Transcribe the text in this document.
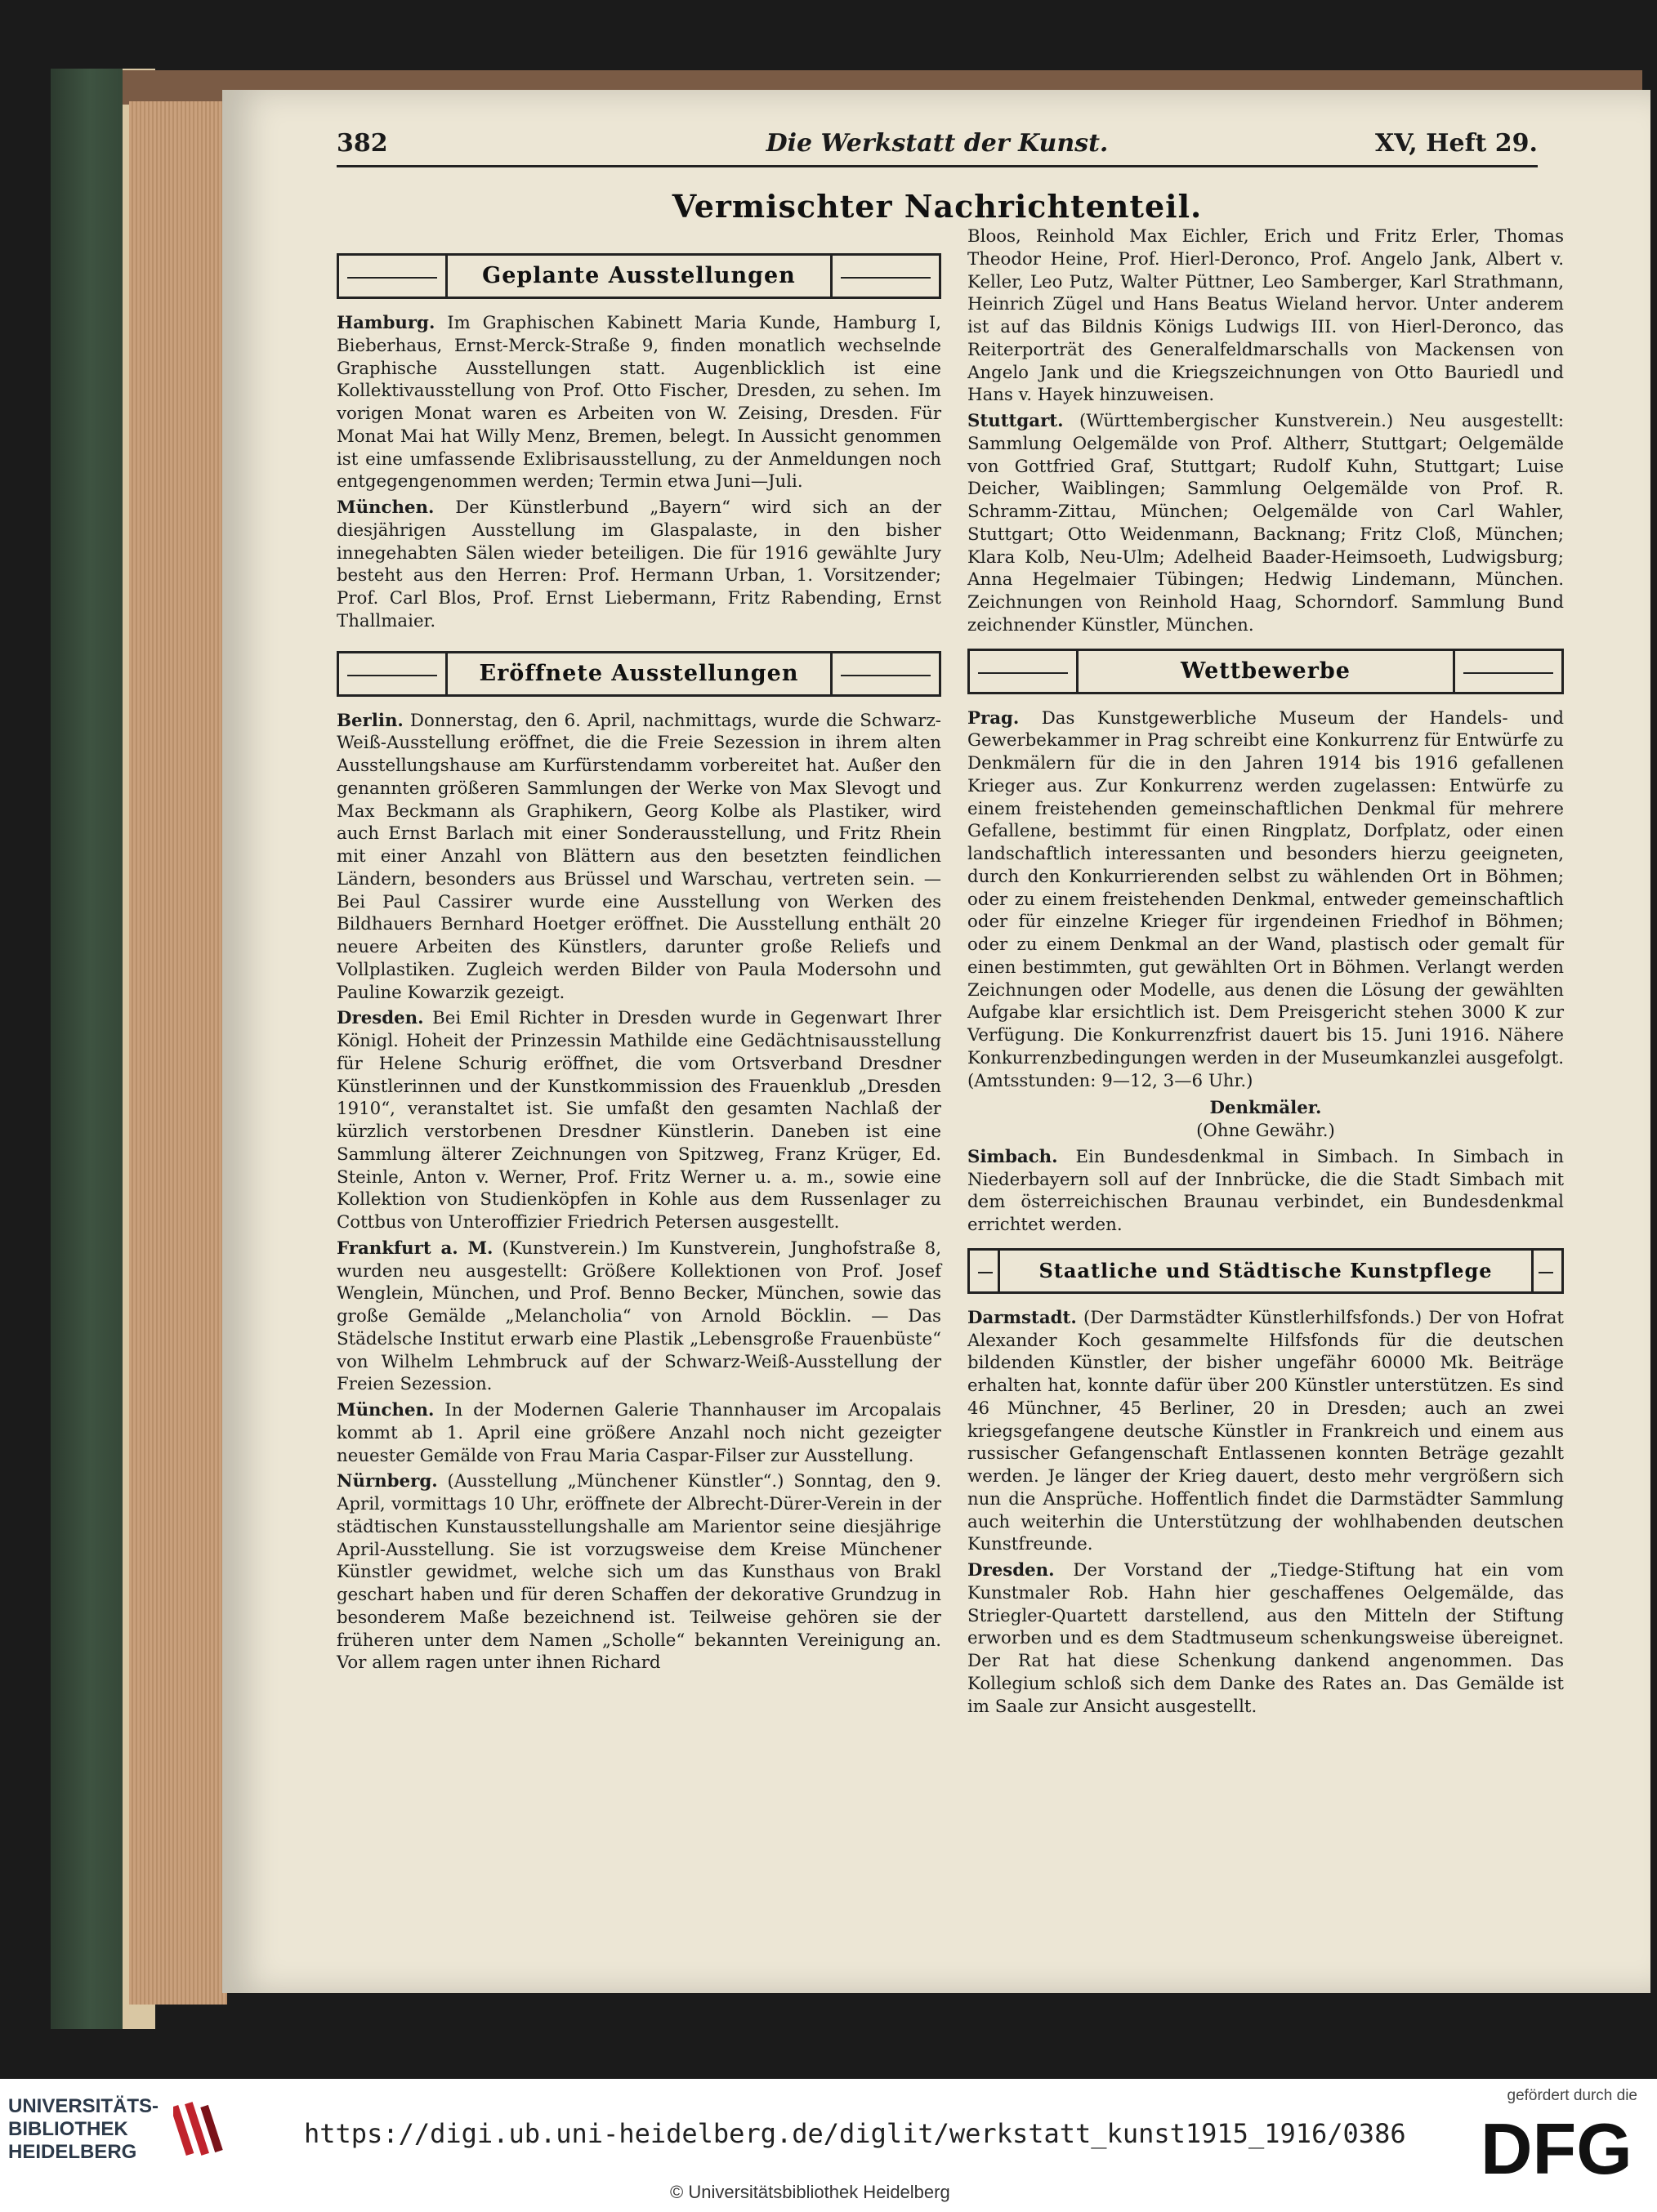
382	Die Werkstatt der Kunst.	XV, Heft 29.
Vermischter Nachrichtenteil.
Geplante Ausstellungen

Hamburg. Im Graphischen Kabinett Maria Kunde, Hamburg I, Bieberhaus, Ernst-Merck-Straße 9, finden monatlich wechselnde Graphische Ausstellungen statt. Augenblicklich ist eine Kollektivausstellung von Prof. Otto Fischer, Dresden, zu sehen. Im vorigen Monat waren es Arbeiten von W. Zeising, Dresden. Für Monat Mai hat Willy Menz, Bremen, belegt. In Aussicht genommen ist eine umfassende Exlibrisausstellung, zu der Anmeldungen noch entgegengenommen werden; Termin etwa Juni—Juli.

München. Der Künstlerbund „Bayern“ wird sich an der diesjährigen Ausstellung im Glaspalaste, in den bisher innegehabten Sälen wieder beteiligen. Die für 1916 gewählte Jury besteht aus den Herren: Prof. Hermann Urban, 1. Vorsitzender; Prof. Carl Blos, Prof. Ernst Liebermann, Fritz Rabending, Ernst Thallmaier.

Eröffnete Ausstellungen

Berlin. Donnerstag, den 6. April, nachmittags, wurde die Schwarz-Weiß-Ausstellung eröffnet, die die Freie Sezession in ihrem alten Ausstellungshause am Kurfürstendamm vorbereitet hat. Außer den genannten größeren Sammlungen der Werke von Max Slevogt und Max Beckmann als Graphikern, Georg Kolbe als Plastiker, wird auch Ernst Barlach mit einer Sonderausstellung, und Fritz Rhein mit einer Anzahl von Blättern aus den besetzten feindlichen Ländern, besonders aus Brüssel und Warschau, vertreten sein. — Bei Paul Cassirer wurde eine Ausstellung von Werken des Bildhauers Bernhard Hoetger eröffnet. Die Ausstellung enthält 20 neuere Arbeiten des Künstlers, darunter große Reliefs und Vollplastiken. Zugleich werden Bilder von Paula Modersohn und Pauline Kowarzik gezeigt.

Dresden. Bei Emil Richter in Dresden wurde in Gegenwart Ihrer Königl. Hoheit der Prinzessin Mathilde eine Gedächtnisausstellung für Helene Schurig eröffnet, die vom Ortsverband Dresdner Künstlerinnen und der Kunstkommission des Frauenklub „Dresden 1910“, veranstaltet ist. Sie umfaßt den gesamten Nachlaß der kürzlich verstorbenen Dresdner Künstlerin. Daneben ist eine Sammlung älterer Zeichnungen von Spitzweg, Franz Krüger, Ed. Steinle, Anton v. Werner, Prof. Fritz Werner u. a. m., sowie eine Kollektion von Studienköpfen in Kohle aus dem Russenlager zu Cottbus von Unteroffizier Friedrich Petersen ausgestellt.

Frankfurt a. M. (Kunstverein.) Im Kunstverein, Junghofstraße 8, wurden neu ausgestellt: Größere Kollektionen von Prof. Josef Wenglein, München, und Prof. Benno Becker, München, sowie das große Gemälde „Melancholia“ von Arnold Böcklin. — Das Städelsche Institut erwarb eine Plastik „Lebensgroße Frauenbüste“ von Wilhelm Lehmbruck auf der Schwarz-Weiß-Ausstellung der Freien Sezession.

München. In der Modernen Galerie Thannhauser im Arcopalais kommt ab 1. April eine größere Anzahl noch nicht gezeigter neuester Gemälde von Frau Maria Caspar-Filser zur Ausstellung.

Nürnberg. (Ausstellung „Münchener Künstler“.) Sonntag, den 9. April, vormittags 10 Uhr, eröffnete der Albrecht-Dürer-Verein in der städtischen Kunstausstellungshalle am Marientor seine diesjährige April-Ausstellung. Sie ist vorzugsweise dem Kreise Münchener Künstler gewidmet, welche sich um das Kunsthaus von Brakl geschart haben und für deren Schaffen der dekorative Grundzug in besonderem Maße bezeichnend ist. Teilweise gehören sie der früheren unter dem Namen „Scholle“ bekannten Vereinigung an. Vor allem ragen unter ihnen Richard

Bloos, Reinhold Max Eichler, Erich und Fritz Erler, Thomas Theodor Heine, Prof. Hierl-Deronco, Prof. Angelo Jank, Albert v. Keller, Leo Putz, Walter Püttner, Leo Samberger, Karl Strathmann, Heinrich Zügel und Hans Beatus Wieland hervor. Unter anderem ist auf das Bildnis Königs Ludwigs III. von Hierl-Deronco, das Reiterporträt des Generalfeldmarschalls von Mackensen von Angelo Jank und die Kriegszeichnungen von Otto Bauriedl und Hans v. Hayek hinzuweisen.

Stuttgart. (Württembergischer Kunstverein.) Neu ausgestellt: Sammlung Oelgemälde von Prof. Altherr, Stuttgart; Oelgemälde von Gottfried Graf, Stuttgart; Rudolf Kuhn, Stuttgart; Luise Deicher, Waiblingen; Sammlung Oelgemälde von Prof. R. Schramm-Zittau, München; Oelgemälde von Carl Wahler, Stuttgart; Otto Weidenmann, Backnang; Fritz Cloß, München; Klara Kolb, Neu-Ulm; Adelheid Baader-Heimsoeth, Ludwigsburg; Anna Hegelmaier Tübingen; Hedwig Lindemann, München. Zeichnungen von Reinhold Haag, Schorndorf. Sammlung Bund zeichnender Künstler, München.

Wettbewerbe

Prag. Das Kunstgewerbliche Museum der Handels- und Gewerbekammer in Prag schreibt eine Konkurrenz für Entwürfe zu Denkmälern für die in den Jahren 1914 bis 1916 gefallenen Krieger aus. Zur Konkurrenz werden zugelassen: Entwürfe zu einem freistehenden gemeinschaftlichen Denkmal für mehrere Gefallene, bestimmt für einen Ringplatz, Dorfplatz, oder einen landschaftlich interessanten und besonders hierzu geeigneten, durch den Konkurrierenden selbst zu wählenden Ort in Böhmen; oder zu einem freistehenden Denkmal, entweder gemeinschaftlich oder für einzelne Krieger für irgendeinen Friedhof in Böhmen; oder zu einem Denkmal an der Wand, plastisch oder gemalt für einen bestimmten, gut gewählten Ort in Böhmen. Verlangt werden Zeichnungen oder Modelle, aus denen die Lösung der gewählten Aufgabe klar ersichtlich ist. Dem Preisgericht stehen 3000 K zur Verfügung. Die Konkurrenzfrist dauert bis 15. Juni 1916. Nähere Konkurrenzbedingungen werden in der Museumkanzlei ausgefolgt. (Amtsstunden: 9—12, 3—6 Uhr.)

Denkmäler.
(Ohne Gewähr.)

Simbach. Ein Bundesdenkmal in Simbach. In Simbach in Niederbayern soll auf der Innbrücke, die die Stadt Simbach mit dem österreichischen Braunau verbindet, ein Bundesdenkmal errichtet werden.

Staatliche und Städtische Kunstpflege

Darmstadt. (Der Darmstädter Künstlerhilfsfonds.) Der von Hofrat Alexander Koch gesammelte Hilfsfonds für die deutschen bildenden Künstler, der bisher ungefähr 60000 Mk. Beiträge erhalten hat, konnte dafür über 200 Künstler unterstützen. Es sind 46 Münchner, 45 Berliner, 20 in Dresden; auch an zwei kriegsgefangene deutsche Künstler in Frankreich und einem aus russischer Gefangenschaft Entlassenen konnten Beträge gezahlt werden. Je länger der Krieg dauert, desto mehr vergrößern sich nun die Ansprüche. Hoffentlich findet die Darmstädter Sammlung auch weiterhin die Unterstützung der wohlhabenden deutschen Kunstfreunde.

Dresden. Der Vorstand der „Tiedge-Stiftung hat ein vom Kunstmaler Rob. Hahn hier geschaffenes Oelgemälde, das Striegler-Quartett darstellend, aus den Mitteln der Stiftung erworben und es dem Stadtmuseum schenkungsweise übereignet. Der Rat hat diese Schenkung dankend angenommen. Das Kollegium schloß sich dem Danke des Rates an. Das Gemälde ist im Saale zur Ansicht ausgestellt.

UNIVERSITÄTS-
BIBLIOTHEK
HEIDELBERG
https://digi.ub.uni-heidelberg.de/diglit/werkstatt_kunst1915_1916/0386
© Universitätsbibliothek Heidelberg
gefördert durch die
DFG
